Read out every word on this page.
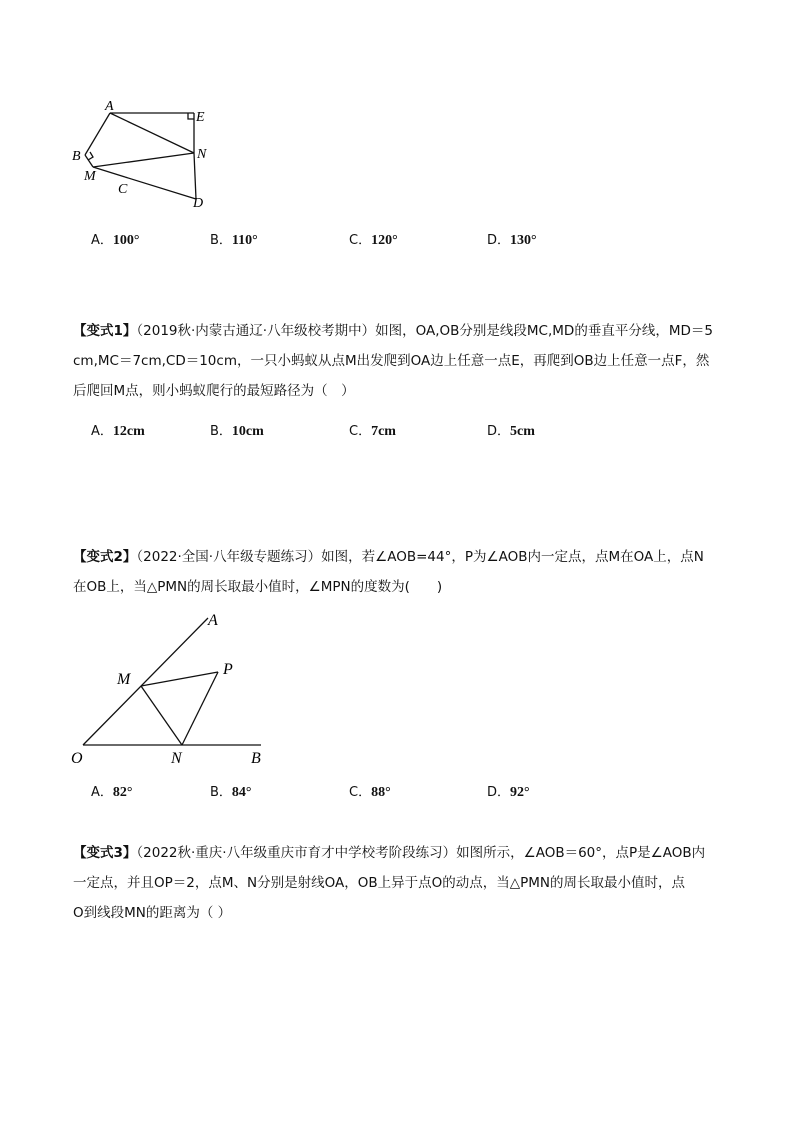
A
B
M
C
E
N
D
A．100°	B．110°	C．120°	D．130°
【变式1】（2019秋·内蒙古通辽·八年级校考期中）如图，OA,OB分别是线段MC,MD的垂直平分线，MD＝5
cm,MC＝7cm,CD＝10cm，一只小蚂蚁从点M出发爬到OA边上任意一点E，再爬到OB边上任意一点F，然
后爬回M点，则小蚂蚁爬行的最短路径为（　）
A．12cm	B．10cm	C．7cm	D．5cm
【变式2】（2022·全国·八年级专题练习）如图，若∠AOB=44°，P为∠AOB内一定点，点M在OA上，点N
在OB上，当△PMN的周长取最小值时，∠MPN的度数为(　　)
A
M
P
O	N	B
A．82°	B．84°	C．88°	D．92°
【变式3】（2022秋·重庆·八年级重庆市育才中学校考阶段练习）如图所示，∠AOB＝60°，点P是∠AOB内
一定点，并且OP＝2，点M、N分别是射线OA，OB上异于点O的动点，当△PMN的周长取最小值时，点
O到线段MN的距离为（ ）
